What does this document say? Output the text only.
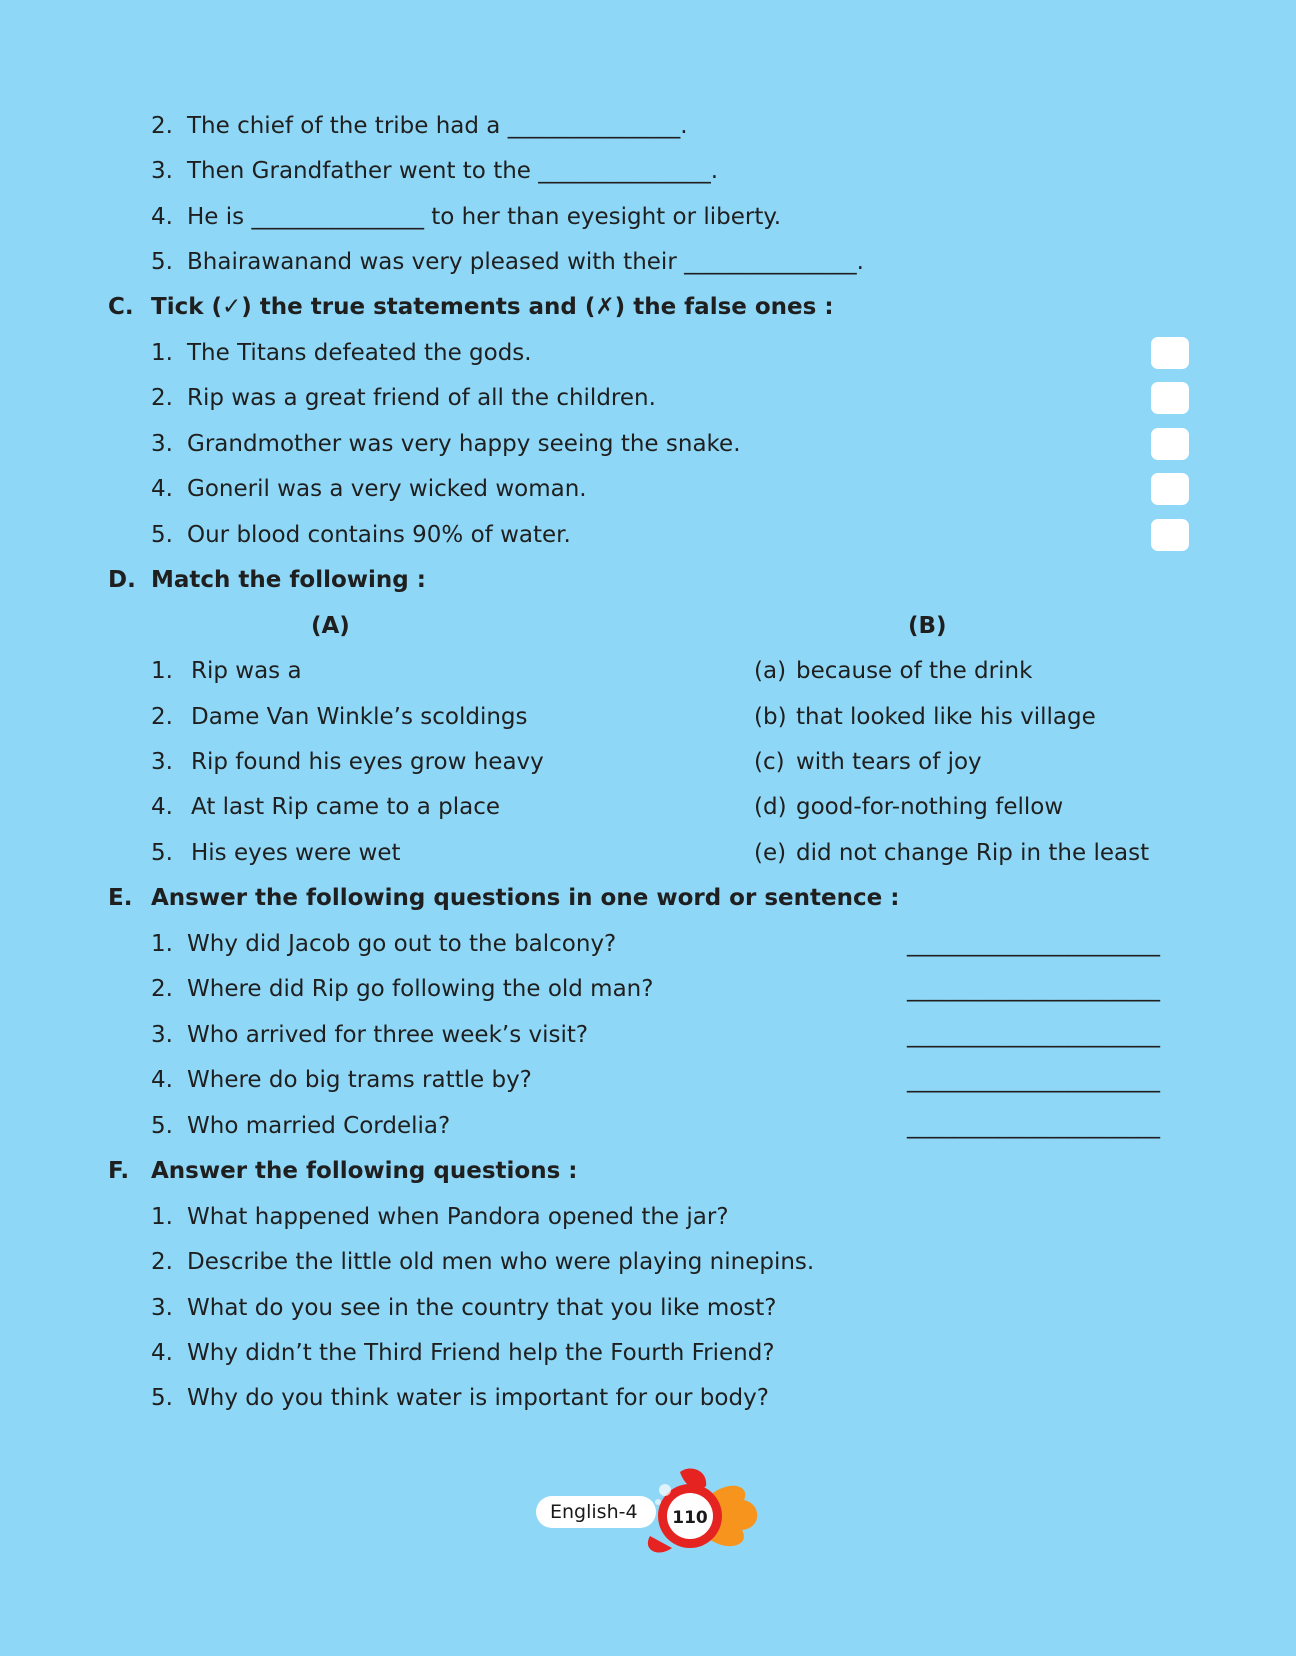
2. The chief of the tribe had a _______________.
3. Then Grandfather went to the _______________.
4. He is _______________ to her than eyesight or liberty.
5. Bhairawanand was very pleased with their _______________.
C. Tick (✓) the true statements and (✗) the false ones :
1. The Titans defeated the gods.
2. Rip was a great friend of all the children.
3. Grandmother was very happy seeing the snake.
4. Goneril was a very wicked woman.
5. Our blood contains 90% of water.
D. Match the following :
(A)	(B)
1. Rip was a	(a) because of the drink
2. Dame Van Winkle’s scoldings	(b) that looked like his village
3. Rip found his eyes grow heavy	(c) with tears of joy
4. At last Rip came to a place	(d) good-for-nothing fellow
5. His eyes were wet	(e) did not change Rip in the least
E. Answer the following questions in one word or sentence :
1. Why did Jacob go out to the balcony?	______________________
2. Where did Rip go following the old man?	______________________
3. Who arrived for three week’s visit?	______________________
4. Where do big trams rattle by?	______________________
5. Who married Cordelia?	______________________
F. Answer the following questions :
1. What happened when Pandora opened the jar?
2. Describe the little old men who were playing ninepins.
3. What do you see in the country that you like most?
4. Why didn’t the Third Friend help the Fourth Friend?
5. Why do you think water is important for our body?
English-4	110
